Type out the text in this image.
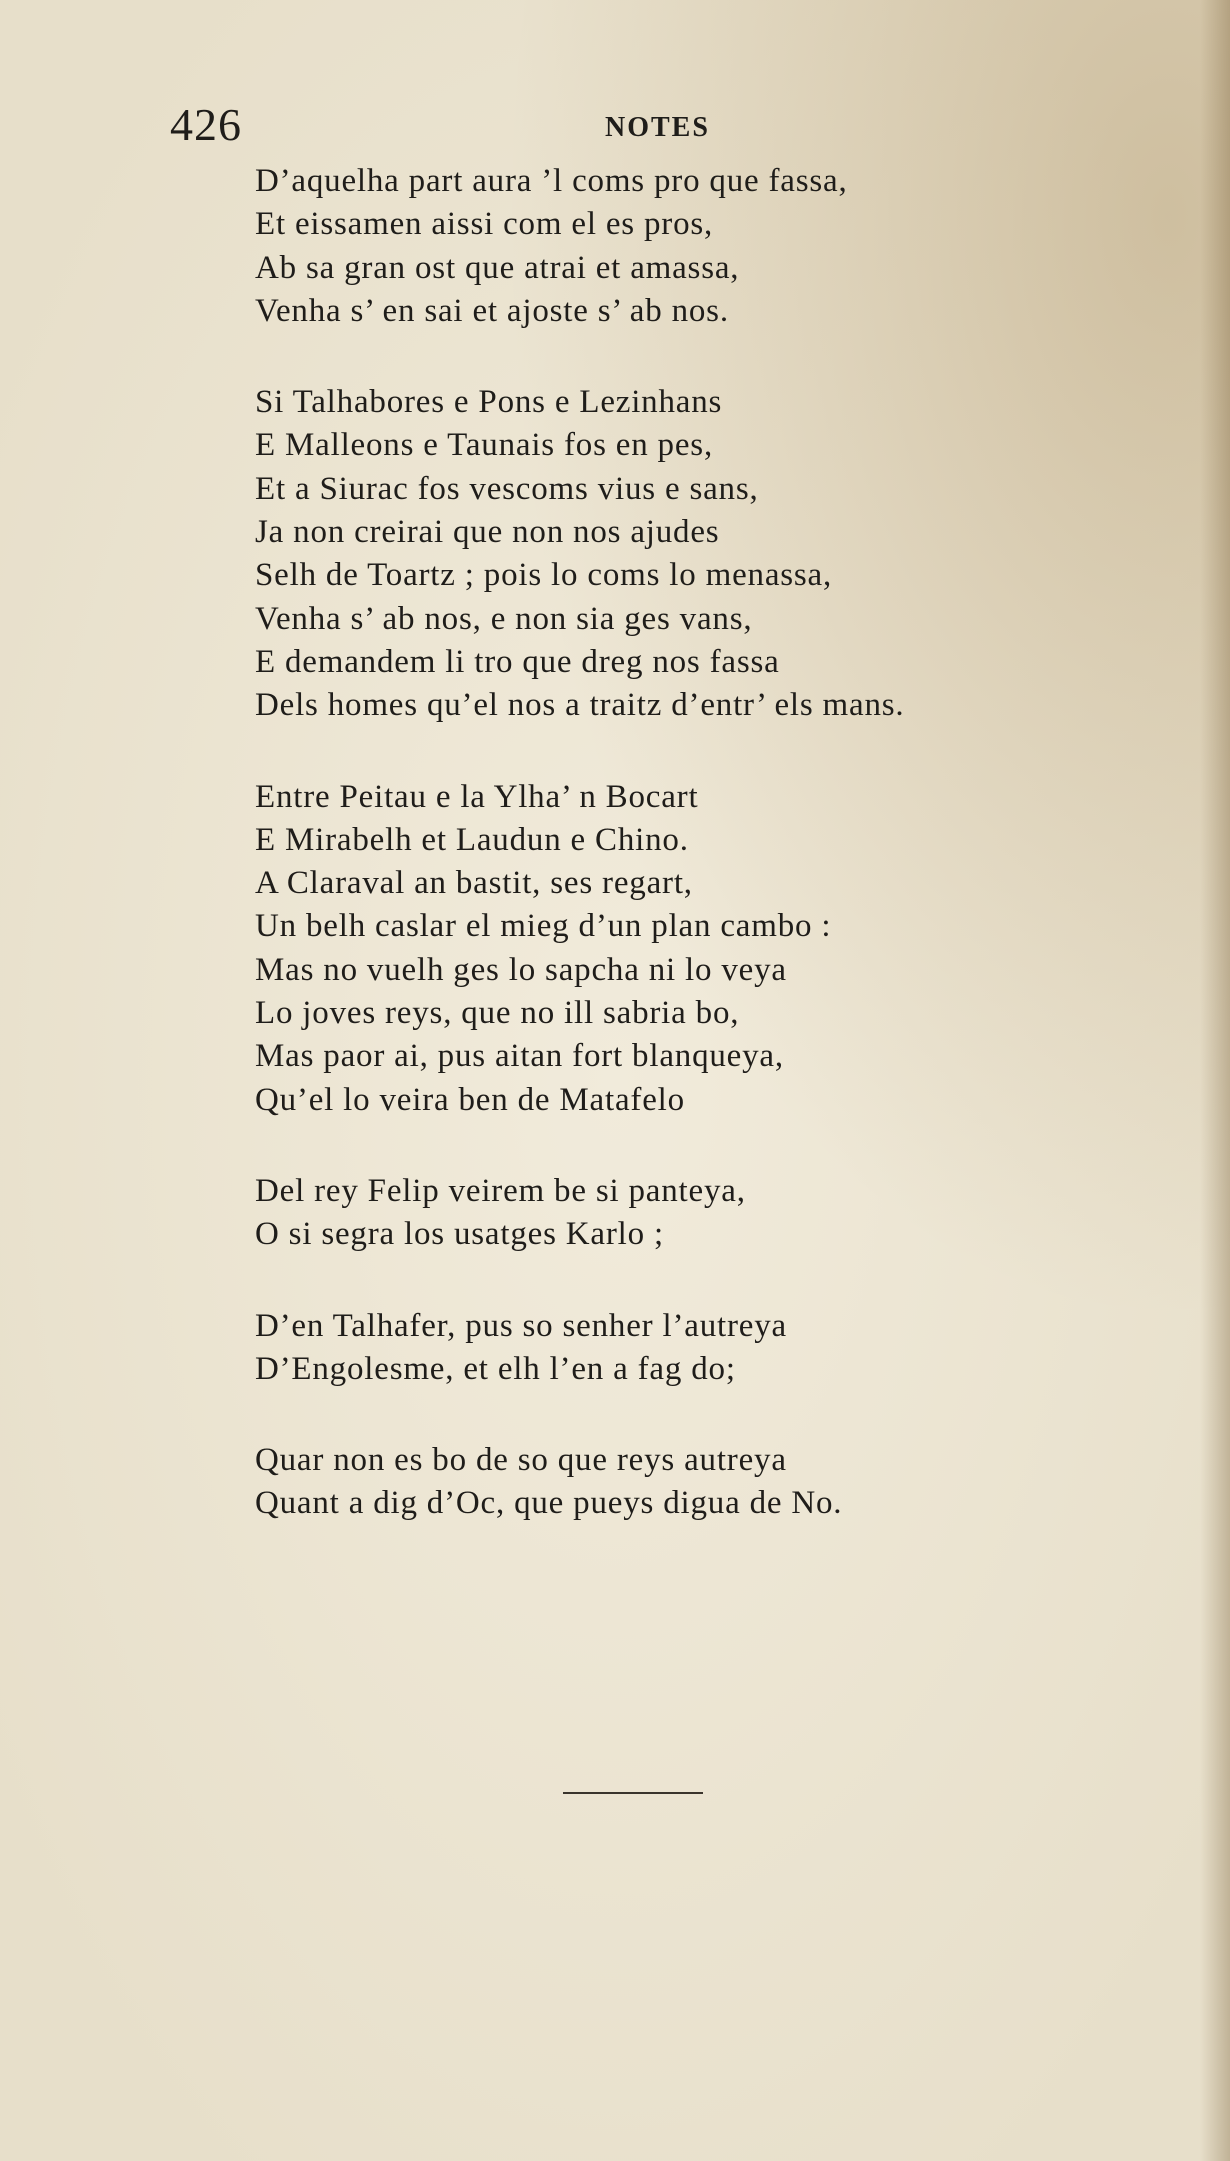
426	NOTES
D’aquelha part aura ’l coms pro que fassa,
Et eissamen aissi com el es pros,
Ab sa gran ost que atrai et amassa,
Venha s’ en sai et ajoste s’ ab nos.
Si Talhabores e Pons e Lezinhans
E Malleons e Taunais fos en pes,
Et a Siurac fos vescoms vius e sans,
Ja non creirai que non nos ajudes
Selh de Toartz ; pois lo coms lo menassa,
Venha s’ ab nos, e non sia ges vans,
E demandem li tro que dreg nos fassa
Dels homes qu’el nos a traitz d’entr’ els mans.
Entre Peitau e la Ylha’ n Bocart
E Mirabelh et Laudun e Chino.
A Claraval an bastit, ses regart,
Un belh caslar el mieg d’un plan cambo :
Mas no vuelh ges lo sapcha ni lo veya
Lo joves reys, que no ill sabria bo,
Mas paor ai, pus aitan fort blanqueya,
Qu’el lo veira ben de Matafelo
Del rey Felip veirem be si panteya,
O si segra los usatges Karlo ;
D’en Talhafer, pus so senher l’autreya
D’Engolesme, et elh l’en a fag do;
Quar non es bo de so que reys autreya
Quant a dig d’Oc, que pueys digua de No.
